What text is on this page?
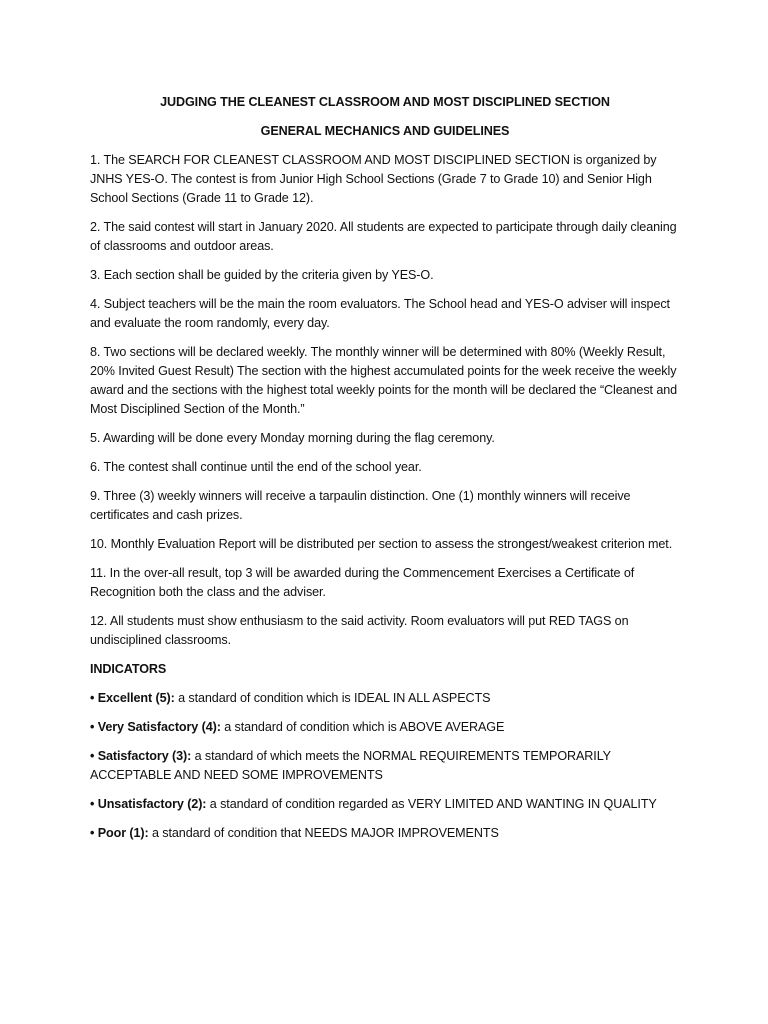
JUDGING THE CLEANEST CLASSROOM AND MOST DISCIPLINED SECTION
GENERAL MECHANICS AND GUIDELINES
1. The SEARCH FOR CLEANEST CLASSROOM AND MOST DISCIPLINED SECTION is organized by JNHS YES-O. The contest is from Junior High School Sections (Grade 7 to Grade 10) and Senior High School Sections (Grade 11 to Grade 12).
2. The said contest will start in January 2020. All students are expected to participate through daily cleaning of classrooms and outdoor areas.
3. Each section shall be guided by the criteria given by YES-O.
4. Subject teachers will be the main the room evaluators. The School head and YES-O adviser will inspect and evaluate the room randomly, every day.
8. Two sections will be declared weekly. The monthly winner will be determined with 80% (Weekly Result, 20% Invited Guest Result) The section with the highest accumulated points for the week receive the weekly award and the sections with the highest total weekly points for the month will be declared the “Cleanest and Most Disciplined Section of the Month.”
5. Awarding will be done every Monday morning during the flag ceremony.
6. The contest shall continue until the end of the school year.
9. Three (3) weekly winners will receive a tarpaulin distinction. One (1) monthly winners will receive certificates and cash prizes.
10. Monthly Evaluation Report will be distributed per section to assess the strongest/weakest criterion met.
11. In the over-all result, top 3 will be awarded during the Commencement Exercises a Certificate of Recognition both the class and the adviser.
12. All students must show enthusiasm to the said activity. Room evaluators will put RED TAGS on undisciplined classrooms.
INDICATORS
• Excellent (5): a standard of condition which is IDEAL IN ALL ASPECTS
• Very Satisfactory (4): a standard of condition which is ABOVE AVERAGE
• Satisfactory (3): a standard of which meets the NORMAL REQUIREMENTS TEMPORARILY ACCEPTABLE AND NEED SOME IMPROVEMENTS
• Unsatisfactory (2): a standard of condition regarded as VERY LIMITED AND WANTING IN QUALITY
• Poor (1): a standard of condition that NEEDS MAJOR IMPROVEMENTS
